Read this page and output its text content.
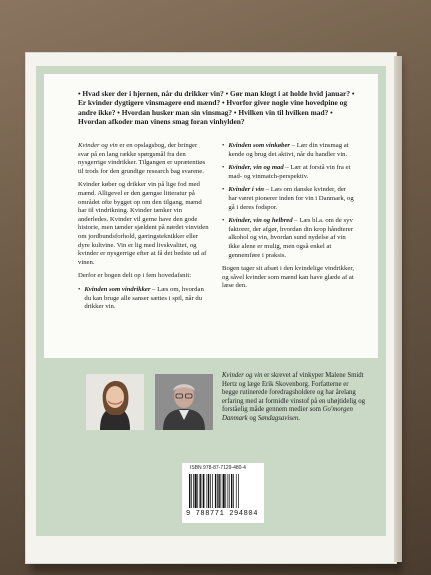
• Hvad sker der i hjernen, når du drikker vin? • Gør man klogt i at holde hvid januar? • Er kvinder dygtigere vinsmagere end mænd? • Hvorfor giver nogle vine hovedpine og andre ikke? • Hvordan husker man sin vinsmag? • Hvilken vin til hvilken mad? • Hvordan afkoder man vinens smag foran vinhylden?

Kvinder og vin er en opslagsbog, der bringer svar på en lang række spørgsmål fra den nysgerrige vindrikker. Tilgangen er uprætentiøs til trods for den grundige research bag svarene.

Kvinder køber og drikker vin på lige fod med mænd. Alligevel er den gængse litteratur på området ofte bygget op om den tilgang, mænd har til vindrikning. Kvinder tænker vin anderledes. Kvinder vil gerne have den gode historie, men tænder sjældent på nørdet vinviden om jordbundsforhold, gæringsteknikker eller dyre kultvine. Vin er lig med livskvalitet, og kvinder er nysgerrige efter at få det bedste ud af vinen.

Derfor er bogen delt op i fem hovedafsnit:

• Kvinden som vindrikker – Læs om, hvordan du kan bruge alle sanser sættes i spil, når du drikker vin.

• Kvinden som vinkøber – Lær din vinsmag at kende og brug det aktivt, når du handler vin.

• Kvinder, vin og mad – Lær at forstå vin fra et mad- og vinmatch-perspektiv.

• Kvinder i vin – Læs om danske kvinder, der har været pionerer inden for vin i Danmark, og gå i deres fodspor.

• Kvinder, vin og helbred – Læs bl.a. om de syv faktorer, der afgør, hvordan din krop håndterer alkohol og vin, hvordan sund nydelse af vin ikke alene er mulig, men også enkel at gennemføre i praksis.

Bogen tager sit afsæt i den kvindelige vindrikker, og såvel kvinder som mænd kan have glæde af at læse den.

Kvinder og vin er skrevet af vinkyper Malene Smidt Hertz og læge Erik Skovenborg. Forfatterne er begge rutinerede foredragsholdere og har årelang erfaring med at formidle vinstof på en uhøjtidelig og forståelig måde gennem medier som Go'morgen Danmark og Søndagsavisen.
ISBN 978-87-7129-480-4
9 788771 294804
